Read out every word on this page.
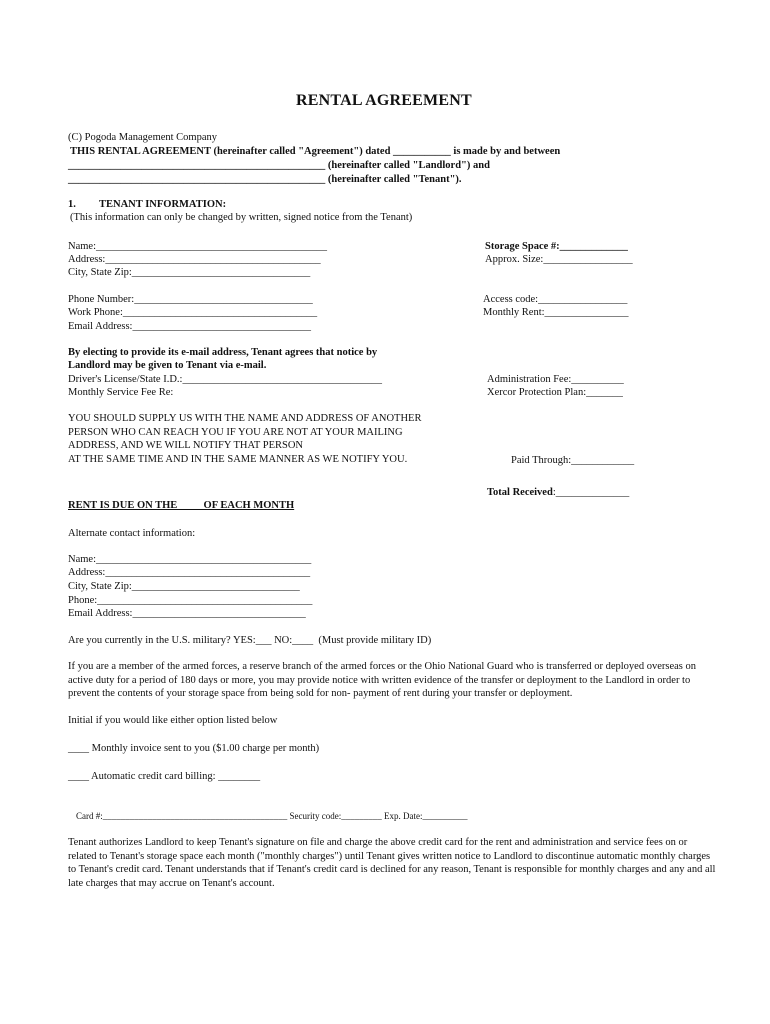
RENTAL AGREEMENT
(C) Pogoda Management Company
THIS RENTAL AGREEMENT (hereinafter called "Agreement") dated ___________ is made by and between
_________________________________________________ (hereinafter called "Landlord") and
_________________________________________________ (hereinafter called "Tenant").
1. TENANT INFORMATION:
(This information can only be changed by written, signed notice from the Tenant)
Name:____________________________________________
Address:_________________________________________
City, State Zip:__________________________________
Phone Number:__________________________________
Work Phone:_____________________________________
Email Address:__________________________________
By electing to provide its e-mail address, Tenant agrees that notice by
Landlord may be given to Tenant via e-mail.
Driver's License/State I.D.:______________________________________
Monthly Service Fee Re:
Storage Space #:_____________
Approx. Size:_________________
Access code:_________________
Monthly Rent:________________
Administration Fee:__________
Xercor Protection Plan:_______
Paid Through:____________
Total Received:______________
YOU SHOULD SUPPLY US WITH THE NAME AND ADDRESS OF ANOTHER
PERSON WHO CAN REACH YOU IF YOU ARE NOT AT YOUR MAILING
ADDRESS, AND WE WILL NOTIFY THAT PERSON
AT THE SAME TIME AND IN THE SAME MANNER AS WE NOTIFY YOU.
RENT IS DUE ON THE          OF EACH MONTH
Alternate contact information:
Name:_________________________________________
Address:_______________________________________
City, State Zip:________________________________
Phone:_________________________________________
Email Address:_________________________________
Are you currently in the U.S. military? YES:___ NO:____  (Must provide military ID)
If you are a member of the armed forces, a reserve branch of the armed forces or the Ohio National Guard who is transferred or deployed overseas on active duty for a period of 180 days or more, you may provide notice with written evidence of the transfer or deployment to the Landlord in order to prevent the contents of your storage space from being sold for non- payment of rent during your transfer or deployment.
Initial if you would like either option listed below
____ Monthly invoice sent to you ($1.00 charge per month)
____ Automatic credit card billing: ________
Card #:_________________________________________ Security code:_________ Exp. Date:__________
Tenant authorizes Landlord to keep Tenant's signature on file and charge the above credit card for the rent and administration and service fees on or related to Tenant's storage space each month ("monthly charges") until Tenant gives written notice to Landlord to discontinue automatic monthly charges to Tenant's credit card. Tenant understands that if Tenant's credit card is declined for any reason, Tenant is responsible for monthly charges and any and all late charges that may accrue on Tenant's account.
